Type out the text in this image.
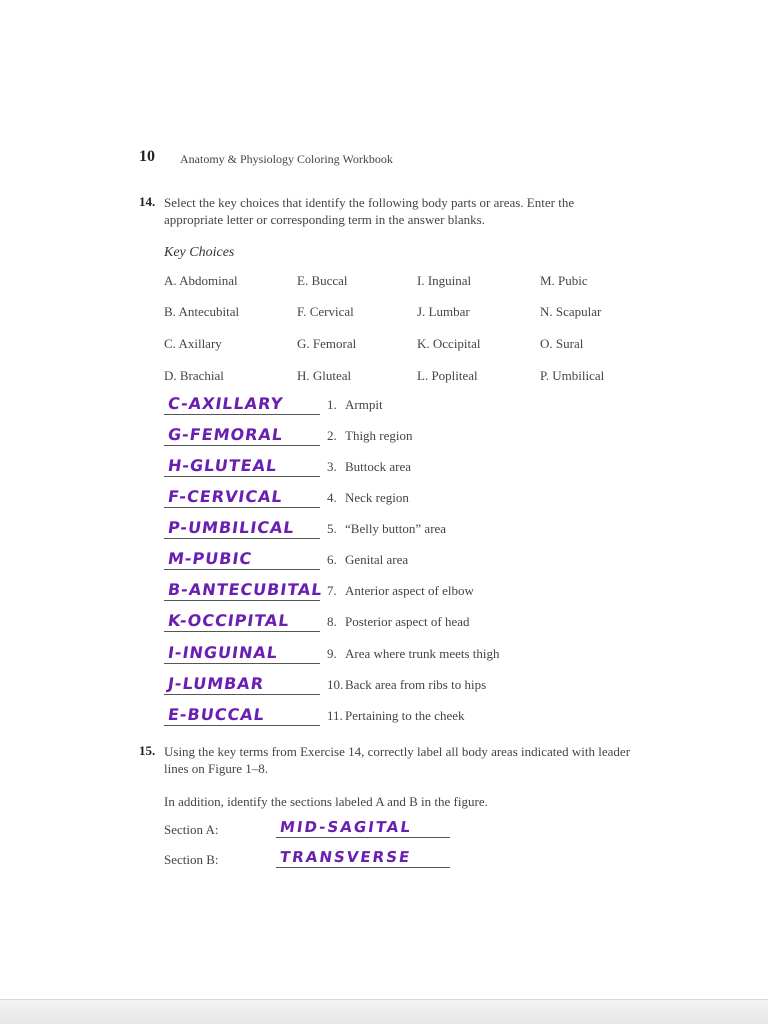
10 Anatomy & Physiology Coloring Workbook
14. Select the key choices that identify the following body parts or areas. Enter the appropriate letter or corresponding term in the answer blanks.
Key Choices
A. Abdominal	E. Buccal	I. Inguinal	M. Pubic
B. Antecubital	F. Cervical	J. Lumbar	N. Scapular
C. Axillary	G. Femoral	K. Occipital	O. Sural
D. Brachial	H. Gluteal	L. Popliteal	P. Umbilical
C-AXILLARY	1. Armpit
G-FEMORAL	2. Thigh region
H-GLUTEAL	3. Buttock area
F-CERVICAL	4. Neck region
P-UMBILICAL 5. “Belly button” area
M-PUBIC	6. Genital area
B-ANTECUBITAL 7. Anterior aspect of elbow
K-OCCIPITAL	8. Posterior aspect of head
I-INGUINAL	9. Area where trunk meets thigh
J-LUMBAR	10. Back area from ribs to hips
E-BUCCAL	11. Pertaining to the cheek
15. Using the key terms from Exercise 14, correctly label all body areas indicated with leader lines on Figure 1–8.
In addition, identify the sections labeled A and B in the figure.
Section A:	MID-SAGITAL
Section B:	TRANSVERSE
